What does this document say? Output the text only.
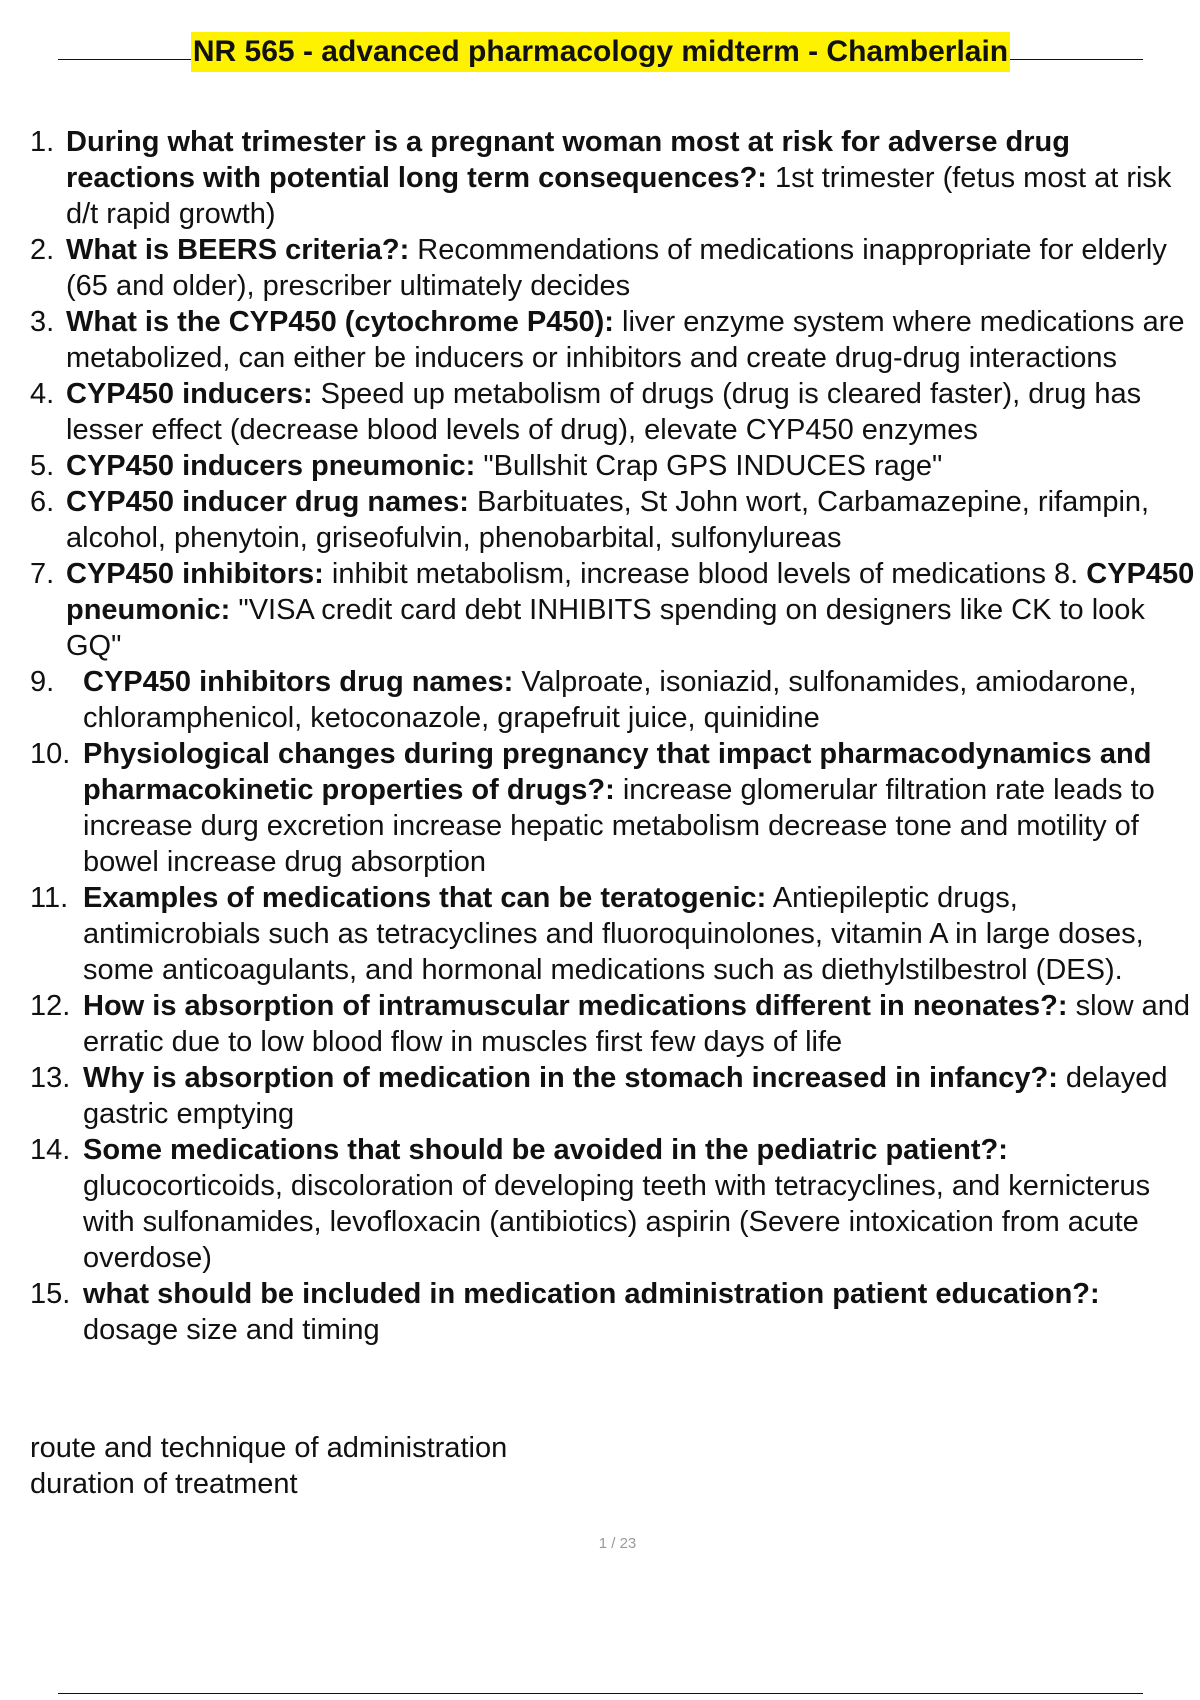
NR 565 - advanced pharmacology midterm - Chamberlain
1. During what trimester is a pregnant woman most at risk for adverse drug reactions with potential long term consequences?: 1st trimester (fetus most at risk d/t rapid growth)
2. What is BEERS criteria?: Recommendations of medications inappropriate for elderly (65 and older), prescriber ultimately decides
3. What is the CYP450 (cytochrome P450): liver enzyme system where medications are metabolized, can either be inducers or inhibitors and create drug-drug interactions
4. CYP450 inducers: Speed up metabolism of drugs (drug is cleared faster), drug has lesser effect (decrease blood levels of drug), elevate CYP450 enzymes
5. CYP450 inducers pneumonic: "Bullshit Crap GPS INDUCES rage"
6. CYP450 inducer drug names: Barbituates, St John wort, Carbamazepine, rifampin, alcohol, phenytoin, griseofulvin, phenobarbital, sulfonylureas
7. CYP450 inhibitors: inhibit metabolism, increase blood levels of medications 8. CYP450 pneumonic: "VISA credit card debt INHIBITS spending on designers like CK to look GQ"
9. CYP450 inhibitors drug names: Valproate, isoniazid, sulfonamides, amiodarone, chloramphenicol, ketoconazole, grapefruit juice, quinidine
10. Physiological changes during pregnancy that impact pharmacodynamics and pharmacokinetic properties of drugs?: increase glomerular filtration rate leads to increase durg excretion increase hepatic metabolism decrease tone and motility of bowel increase drug absorption
11. Examples of medications that can be teratogenic: Antiepileptic drugs, antimicrobials such as tetracyclines and fluoroquinolones, vitamin A in large doses, some anticoagulants, and hormonal medications such as diethylstilbestrol (DES).
12. How is absorption of intramuscular medications different in neonates?: slow and erratic due to low blood flow in muscles first few days of life
13. Why is absorption of medication in the stomach increased in infancy?: delayed gastric emptying
14. Some medications that should be avoided in the pediatric patient?: glucocorticoids, discoloration of developing teeth with tetracyclines, and kernicterus with sulfonamides, levofloxacin (antibiotics) aspirin (Severe intoxication from acute overdose)
15. what should be included in medication administration patient education?: dosage size and timing
route and technique of administration
duration of treatment
1 / 23
